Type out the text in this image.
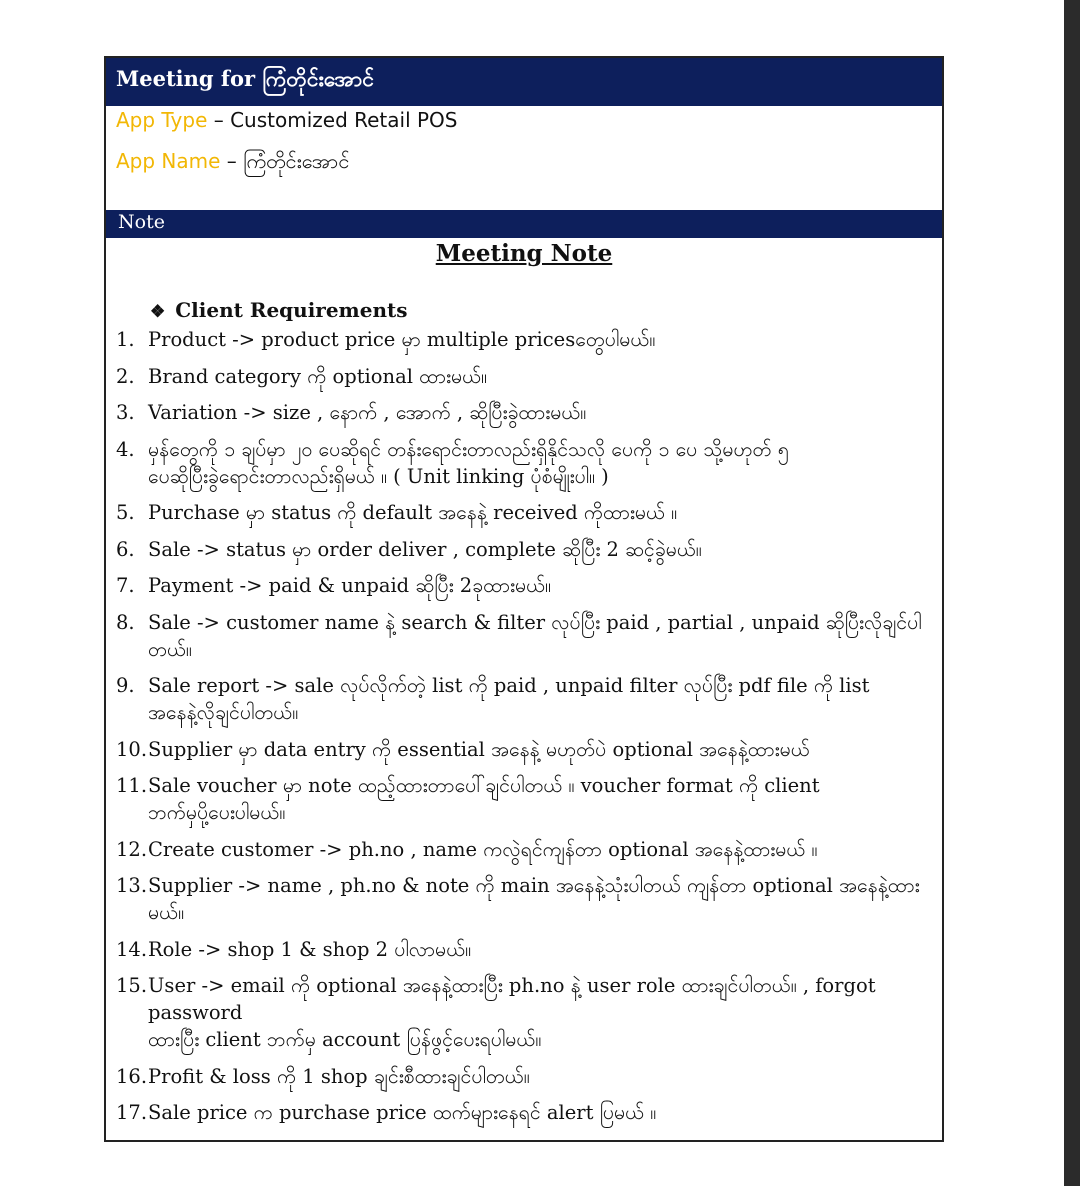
Meeting for ကြံတိုင်းအောင်
App Type – Customized Retail POS
App Name – ကြံတိုင်းအောင်
Note
Meeting Note
❖ Client Requirements
1. Product -> product price မှာ multiple pricesတွေပါမယ်။
2. Brand category ကို optional ထားမယ်။
3. Variation -> size , နောက် , အောက် , ဆိုပြီးခွဲထားမယ်။
4. မှန်တွေကို ၁ ချပ်မှာ ၂၀ ပေဆိုရင် တန်းရောင်းတာလည်းရှိနိုင်သလို ပေကို ၁ ပေ သို့မဟုတ် ၅
ပေဆိုပြီးခွဲရောင်းတာလည်းရှိမယ် ။ ( Unit linking ပုံစံမျိုးပါ။ )
5. Purchase မှာ status ကို default အနေနဲ့ received ကိုထားမယ် ။
6. Sale -> status မှာ order deliver , complete ဆိုပြီး 2 ဆင့်ခွဲမယ်။
7. Payment -> paid & unpaid ဆိုပြီး 2ခုထားမယ်။
8. Sale -> customer name နဲ့ search & filter လုပ်ပြီး paid , partial , unpaid ဆိုပြီးလိုချင်ပါတယ်။
9. Sale report -> sale လုပ်လိုက်တဲ့ list ကို paid , unpaid filter လုပ်ပြီး pdf file ကို list
အနေနဲ့လိုချင်ပါတယ်။
10. Supplier မှာ data entry ကို essential အနေနဲ့ မဟုတ်ပဲ optional အနေနဲ့ထားမယ်
11. Sale voucher မှာ note ထည့်ထားတာပေါ်ချင်ပါတယ် ။ voucher format ကို client
ဘက်မှပို့ပေးပါမယ်။
12. Create customer -> ph.no , name ကလွဲရင်ကျန်တာ optional အနေနဲ့ထားမယ် ။
13. Supplier -> name , ph.no & note ကို main အနေနဲ့သုံးပါတယ် ကျန်တာ optional အနေနဲ့ထားမယ်။
14. Role -> shop 1 & shop 2 ပါလာမယ်။
15. User -> email ကို optional အနေနဲ့ထားပြီး ph.no နဲ့ user role ထားချင်ပါတယ်။ , forgot password
ထားပြီး client ဘက်မှ account ပြန်ဖွင့်ပေးရပါမယ်။
16. Profit & loss ကို 1 shop ချင်းစီထားချင်ပါတယ်။
17. Sale price က purchase price ထက်များနေရင် alert ပြမယ် ။
